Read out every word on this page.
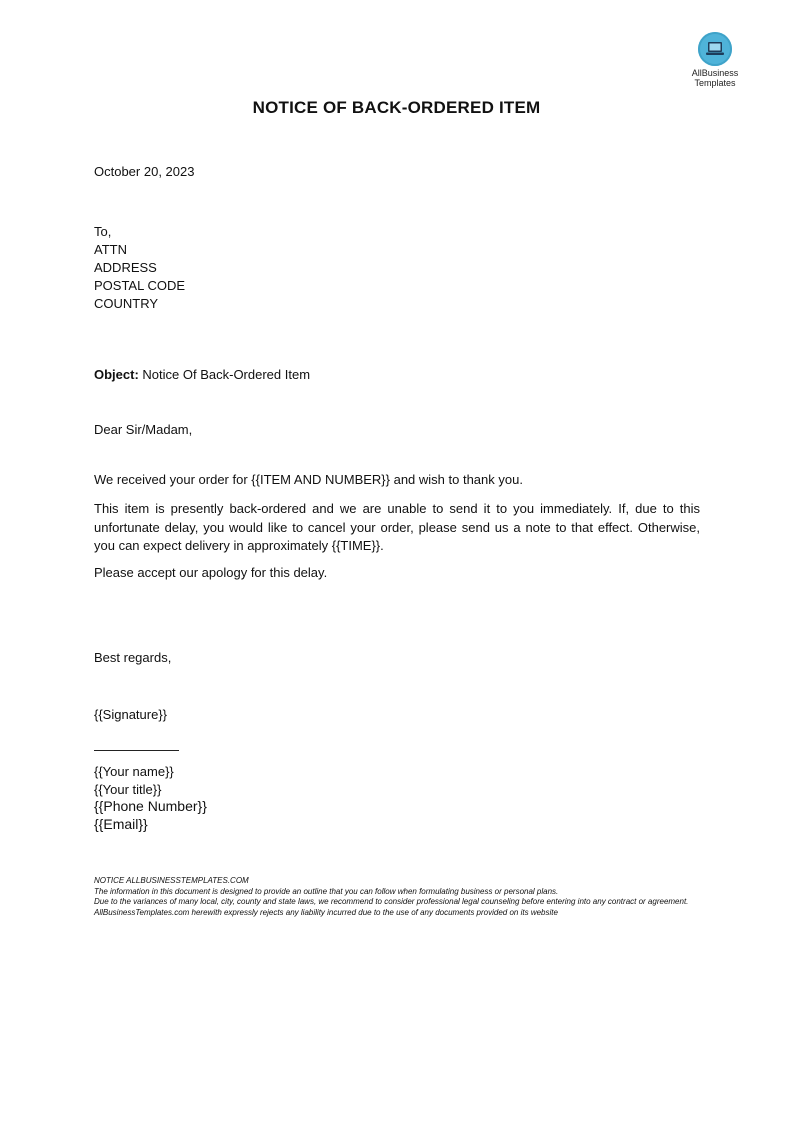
AllBusiness
Templates
NOTICE OF BACK-ORDERED ITEM
October 20, 2023
To,
ATTN
ADDRESS
POSTAL CODE
COUNTRY
Object: Notice Of Back-Ordered Item
Dear Sir/Madam,
We received your order for {{ITEM AND NUMBER}} and wish to thank you.
This item is presently back-ordered and we are unable to send it to you immediately. If, due to this unfortunate delay, you would like to cancel your order, please send us a note to that effect. Otherwise, you can expect delivery in approximately {{TIME}}.
Please accept our apology for this delay.
Best regards,
{{Signature}}
{{Your name}}
{{Your title}}
{{Phone Number}}
{{Email}}
NOTICE ALLBUSINESSTEMPLATES.COM
The information in this document is designed to provide an outline that you can follow when formulating business or personal plans.
Due to the variances of many local, city, county and state laws, we recommend to consider professional legal counseling before entering into any contract or agreement. AllBusinessTemplates.com herewith expressly rejects any liability incurred due to the use of any documents provided on its website
